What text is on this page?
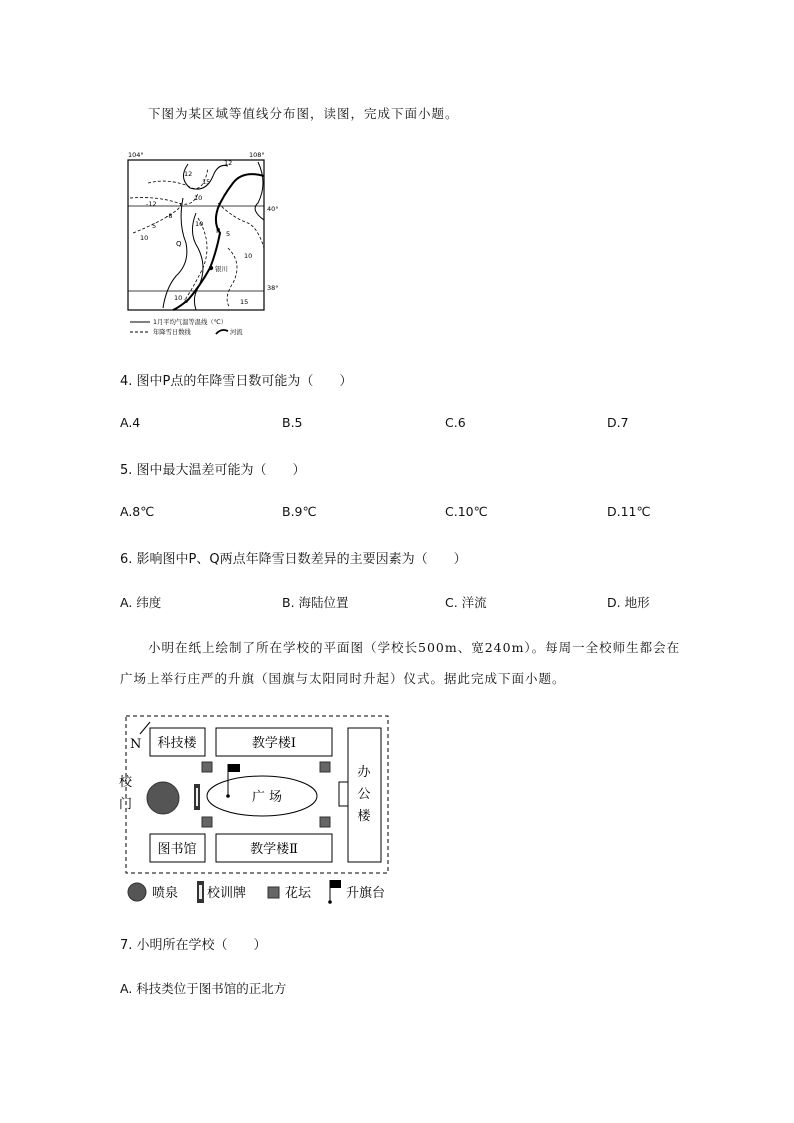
下图为某区域等值线分布图，读图，完成下面小题。
104°	108°
40°
38°
12
15
-12
10
-8
5
10
10
5
10
15
8
10
12
P
Q
银川
1月平均气温等温线（℃）
年降雪日数线	河流
4. 图中P点的年降雪日数可能为（　　）
A.4	B.5	C.6	D.7
5. 图中最大温差可能为（　　）
A.8℃	B.9℃	C.10℃	D.11℃
6. 影响图中P、Q两点年降雪日数差异的主要因素为（　　）
A. 纬度	B. 海陆位置	C. 洋流	D. 地形
小明在纸上绘制了所在学校的平面图（学校长500m、宽240m）。每周一全校师生都会在
广场上举行庄严的升旗（国旗与太阳同时升起）仪式。据此完成下面小题。
N
校
门
科技楼	教学楼Ⅰ
图书馆	教学楼Ⅱ
办
公
楼
广 场
喷泉 校训牌	花坛	升旗台
7. 小明所在学校（　　）
A. 科技类位于图书馆的正北方
